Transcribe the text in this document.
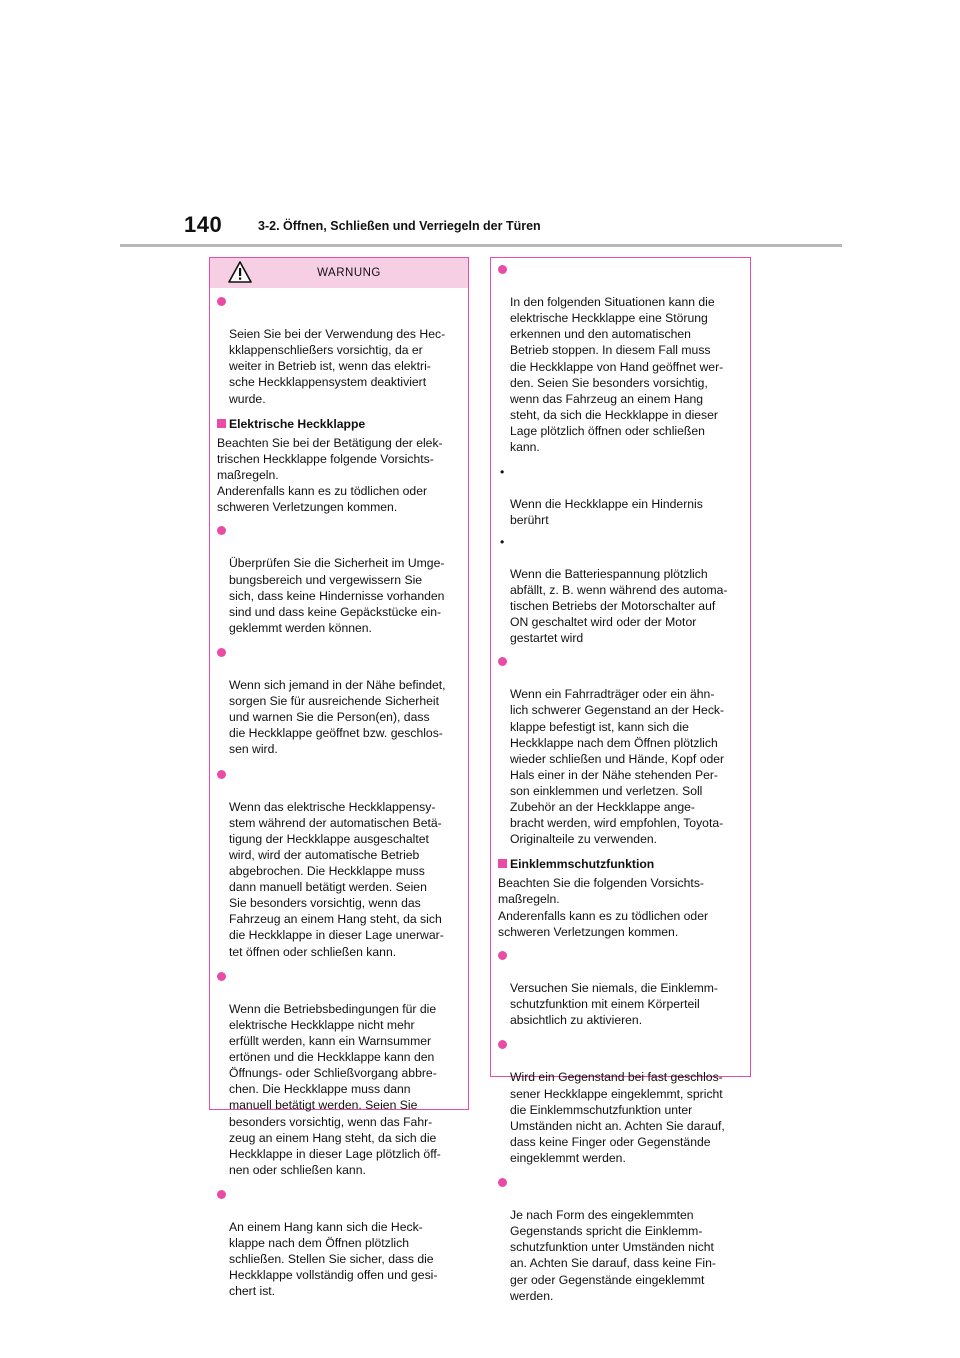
140	3-2. Öffnen, Schließen und Verriegeln der Türen
WARNUNG

Seien Sie bei der Verwendung des Hec-
kklappenschließers vorsichtig, da er
weiter in Betrieb ist, wenn das elektri-
sche Heckklappensystem deaktiviert
wurde.

Elektrische Heckklappe
Beachten Sie bei der Betätigung der elek-
trischen Heckklappe folgende Vorsichts-
maßregeln.
Anderenfalls kann es zu tödlichen oder
schweren Verletzungen kommen.

Überprüfen Sie die Sicherheit im Umge-
bungsbereich und vergewissern Sie
sich, dass keine Hindernisse vorhanden
sind und dass keine Gepäckstücke ein-
geklemmt werden können.

Wenn sich jemand in der Nähe befindet,
sorgen Sie für ausreichende Sicherheit
und warnen Sie die Person(en), dass
die Heckklappe geöffnet bzw. geschlos-
sen wird.

Wenn das elektrische Heckklappensy-
stem während der automatischen Betä-
tigung der Heckklappe ausgeschaltet
wird, wird der automatische Betrieb
abgebrochen. Die Heckklappe muss
dann manuell betätigt werden. Seien
Sie besonders vorsichtig, wenn das
Fahrzeug an einem Hang steht, da sich
die Heckklappe in dieser Lage unerwar-
tet öffnen oder schließen kann.

Wenn die Betriebsbedingungen für die
elektrische Heckklappe nicht mehr
erfüllt werden, kann ein Warnsummer
ertönen und die Heckklappe kann den
Öffnungs- oder Schließvorgang abbre-
chen. Die Heckklappe muss dann
manuell betätigt werden. Seien Sie
besonders vorsichtig, wenn das Fahr-
zeug an einem Hang steht, da sich die
Heckklappe in dieser Lage plötzlich öff-
nen oder schließen kann.

An einem Hang kann sich die Heck-
klappe nach dem Öffnen plötzlich
schließen. Stellen Sie sicher, dass die
Heckklappe vollständig offen und gesi-
chert ist.

In den folgenden Situationen kann die
elektrische Heckklappe eine Störung
erkennen und den automatischen
Betrieb stoppen. In diesem Fall muss
die Heckklappe von Hand geöffnet wer-
den. Seien Sie besonders vorsichtig,
wenn das Fahrzeug an einem Hang
steht, da sich die Heckklappe in dieser
Lage plötzlich öffnen oder schließen
kann.

•

Wenn die Heckklappe ein Hindernis
berührt

•

Wenn die Batteriespannung plötzlich
abfällt, z. B. wenn während des automa-
tischen Betriebs der Motorschalter auf
ON geschaltet wird oder der Motor
gestartet wird

Wenn ein Fahrradträger oder ein ähn-
lich schwerer Gegenstand an der Heck-
klappe befestigt ist, kann sich die
Heckklappe nach dem Öffnen plötzlich
wieder schließen und Hände, Kopf oder
Hals einer in der Nähe stehenden Per-
son einklemmen und verletzen. Soll
Zubehör an der Heckklappe ange-
bracht werden, wird empfohlen, Toyota-
Originalteile zu verwenden.

Einklemmschutzfunktion
Beachten Sie die folgenden Vorsichts-
maßregeln.
Anderenfalls kann es zu tödlichen oder
schweren Verletzungen kommen.

Versuchen Sie niemals, die Einklemm-
schutzfunktion mit einem Körperteil
absichtlich zu aktivieren.

Wird ein Gegenstand bei fast geschlos-
sener Heckklappe eingeklemmt, spricht
die Einklemmschutzfunktion unter
Umständen nicht an. Achten Sie darauf,
dass keine Finger oder Gegenstände
eingeklemmt werden.

Je nach Form des eingeklemmten
Gegenstands spricht die Einklemm-
schutzfunktion unter Umständen nicht
an. Achten Sie darauf, dass keine Fin-
ger oder Gegenstände eingeklemmt
werden.
